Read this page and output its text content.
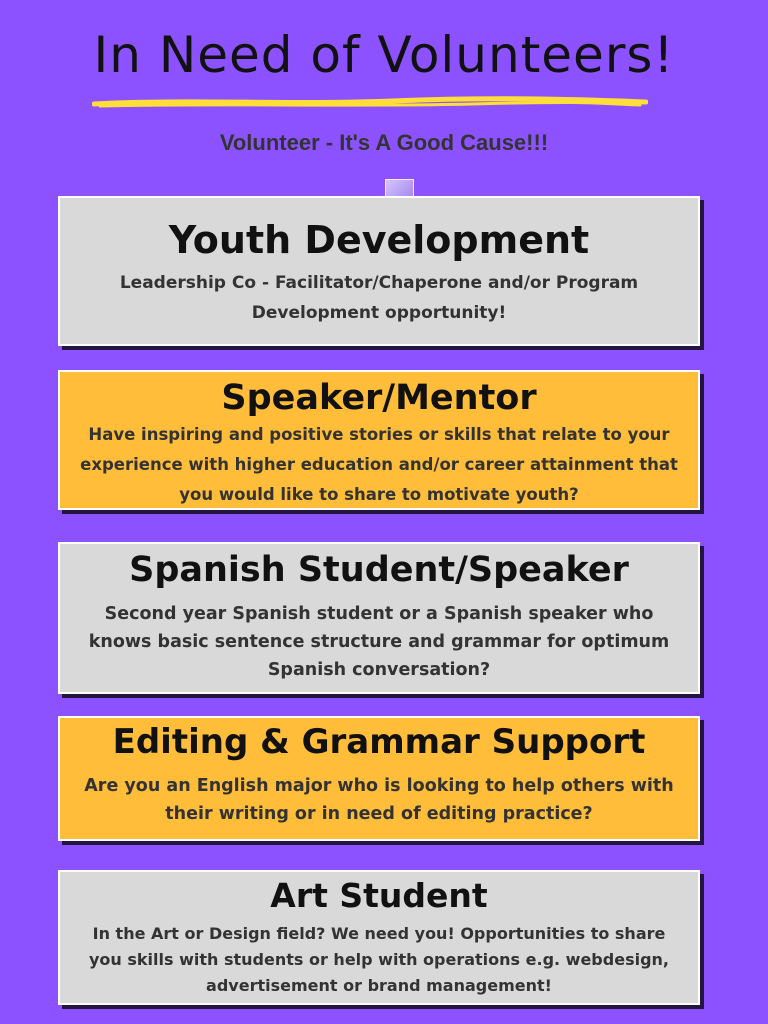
In Need of Volunteers!
Volunteer - It's A Good Cause!!!
Youth Development
Leadership Co - Facilitator/Chaperone and/or Program Development opportunity!
Speaker/Mentor
Have inspiring and positive stories or skills that relate to your experience with higher education and/or career attainment that you would like to share to motivate youth?
Spanish Student/Speaker
Second year Spanish student or a Spanish speaker who knows basic sentence structure and grammar for optimum Spanish conversation?
Editing & Grammar Support
Are you an English major who is looking to help others with their writing or in need of editing practice?
Art Student
In the Art or Design field? We need you! Opportunities to share you skills with students or help with operations e.g. webdesign, advertisement or brand management!
